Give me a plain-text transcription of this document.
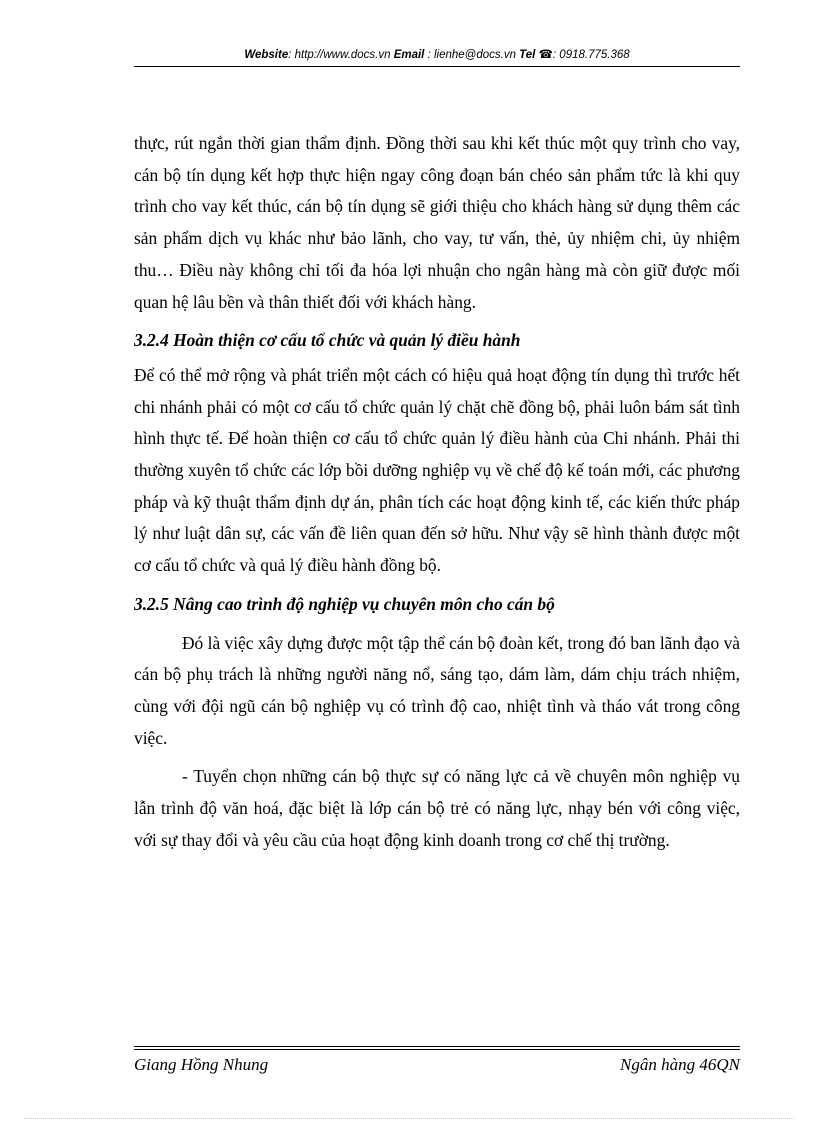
Website: http://www.docs.vn Email : lienhe@docs.vn Tel ☎: 0918.775.368

thực, rút ngắn thời gian thẩm định. Đồng thời sau khi kết thúc một quy trình cho vay, cán bộ tín dụng kết hợp thực hiện ngay công đoạn bán chéo sản phẩm tức là khi quy trình cho vay kết thúc, cán bộ tín dụng sẽ giới thiệu cho khách hàng sử dụng thêm các sản phẩm dịch vụ khác như bảo lãnh, cho vay, tư vấn, thẻ, ủy nhiệm chi, ủy nhiệm thu… Điều này không chỉ tối đa hóa lợi nhuận cho ngân hàng mà còn giữ được mối quan hệ lâu bền và thân thiết đối với khách hàng.

3.2.4 Hoàn thiện cơ cấu tổ chức và quản lý điều hành

Để có thể mở rộng và phát triển một cách có hiệu quả hoạt động tín dụng thì trước hết chi nhánh phải có một cơ cấu tổ chức quản lý chặt chẽ đồng bộ, phải luôn bám sát tình hình thực tế. Để hoàn thiện cơ cấu tổ chức quản lý điều hành của Chi nhánh. Phải thi thường xuyên tổ chức các lớp bồi dưỡng nghiệp vụ về chế độ kế toán mới, các phương pháp và kỹ thuật thẩm định dự án, phân tích các hoạt động kinh tế, các kiến thức pháp lý như luật dân sự, các vấn đề liên quan đến sở hữu. Như vậy sẽ hình thành được một cơ cấu tổ chức và quả lý điều hành đồng bộ.

3.2.5 Nâng cao trình độ nghiệp vụ chuyên môn cho cán bộ

Đó là việc xây dựng được một tập thể cán bộ đoàn kết, trong đó ban lãnh đạo và cán bộ phụ trách là những người năng nổ, sáng tạo, dám làm, dám chịu trách nhiệm, cùng với đội ngũ cán bộ nghiệp vụ có trình độ cao, nhiệt tình và tháo vát trong công việc.

- Tuyển chọn những cán bộ thực sự có năng lực cả về chuyên môn nghiệp vụ lẫn trình độ văn hoá, đặc biệt là lớp cán bộ trẻ có năng lực, nhạy bén với công việc, với sự thay đổi và yêu cầu của hoạt động kinh doanh trong cơ chế thị trường.

Giang Hồng Nhung	Ngân hàng 46QN
